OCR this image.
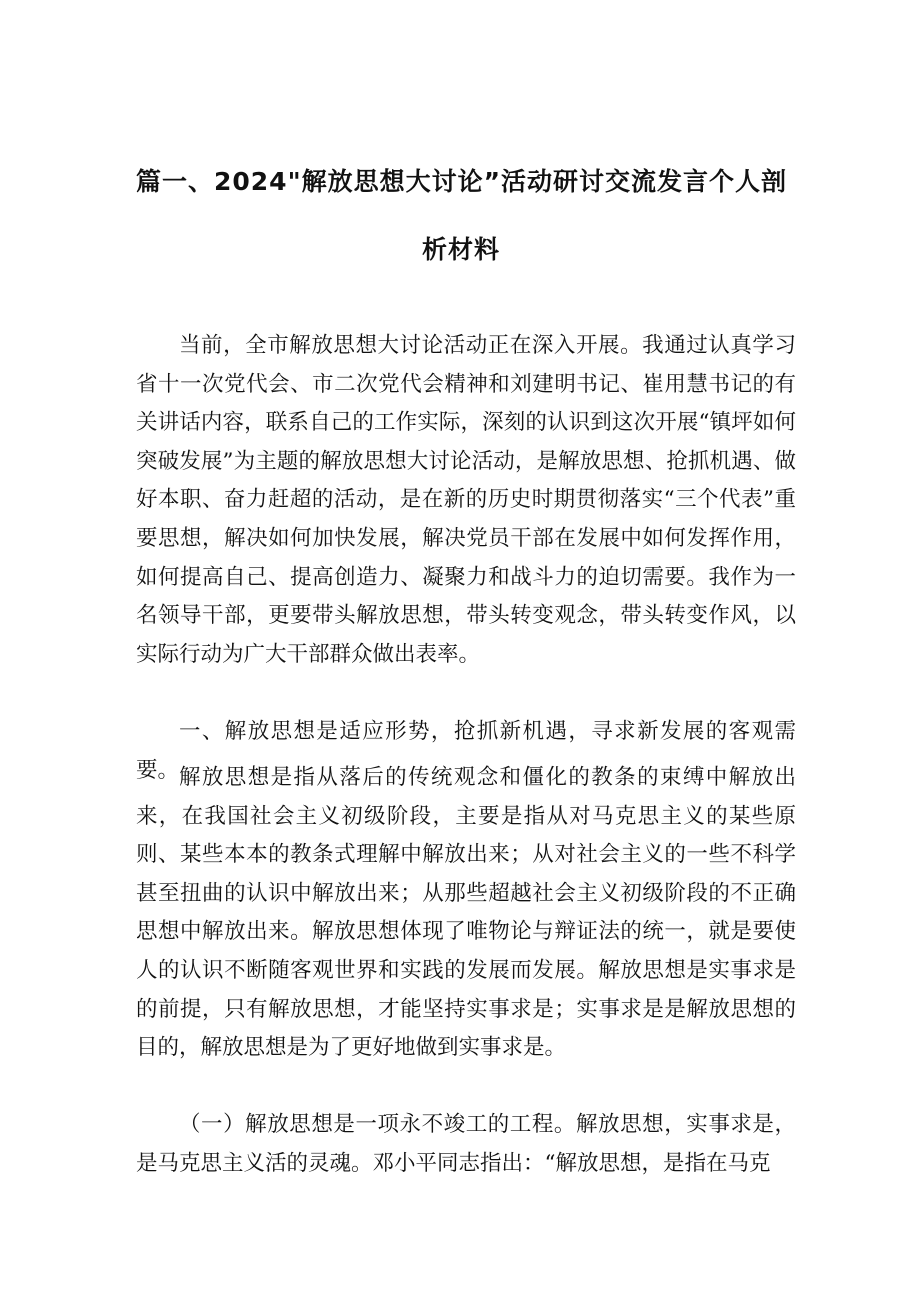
篇一、2024"解放思想大讨论”活动研讨交流发言个人剖
析材料

当前，全市解放思想大讨论活动正在深入开展。我通过认真学习省十一次党代会、市二次党代会精神和刘建明书记、崔用慧书记的有关讲话内容，联系自己的工作实际，深刻的认识到这次开展“镇坪如何突破发展”为主题的解放思想大讨论活动，是解放思想、抢抓机遇、做好本职、奋力赶超的活动，是在新的历史时期贯彻落实“三个代表”重要思想，解决如何加快发展，解决党员干部在发展中如何发挥作用，如何提高自己、提高创造力、凝聚力和战斗力的迫切需要。我作为一名领导干部，更要带头解放思想，带头转变观念，带头转变作风，以实际行动为广大干部群众做出表率。

一、解放思想是适应形势，抢抓新机遇，寻求新发展的客观需要。 解放思想是指从落后的传统观念和僵化的教条的束缚中解放出来，在我国社会主义初级阶段，主要是指从对马克思主义的某些原则、某些本本的教条式理解中解放出来；从对社会主义的一些不科学甚至扭曲的认识中解放出来；从那些超越社会主义初级阶段的不正确思想中解放出来。解放思想体现了唯物论与辩证法的统一，就是要使人的认识不断随客观世界和实践的发展而发展。解放思想是实事求是的前提，只有解放思想，才能坚持实事求是；实事求是是解放思想的目的，解放思想是为了更好地做到实事求是。

（一）解放思想是一项永不竣工的工程。解放思想，实事求是，是马克思主义活的灵魂。邓小平同志指出：“解放思想，是指在马克
